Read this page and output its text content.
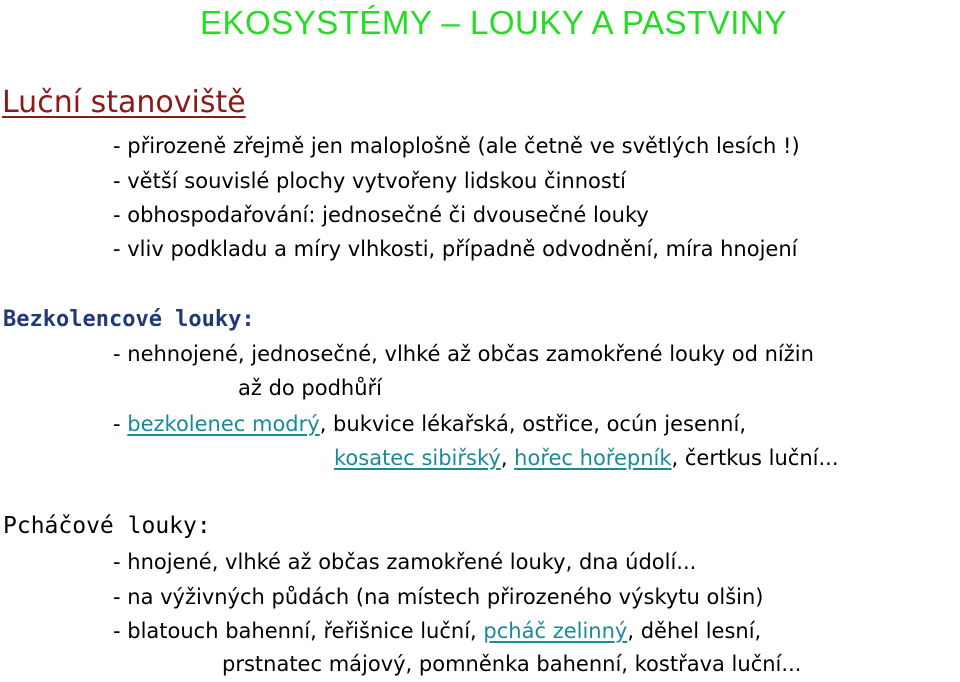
EKOSYSTÉMY – LOUKY A PASTVINY
Luční stanoviště
- přirozeně zřejmě jen maloplošně (ale četně ve světlých lesích !)
- větší souvislé plochy vytvořeny lidskou činností
- obhospodařování: jednosečné či dvousečné louky
- vliv podkladu a míry vlhkosti, případně odvodnění, míra hnojení
Bezkolencové louky:
- nehnojené, jednosečné, vlhké až občas zamokřené louky od nížin
až do podhůří
- bezkolenec modrý, bukvice lékařská, ostřice, ocún jesenní,
kosatec sibiřský, hořec hořepník, čertkus luční...
Pcháčové louky:
- hnojené, vlhké až občas zamokřené louky, dna údolí...
- na výživných půdách (na místech přirozeného výskytu olšin)
- blatouch bahenní, řeřišnice luční, pcháč zelinný, děhel lesní,
prstnatec májový, pomněnka bahenní, kostřava luční...
